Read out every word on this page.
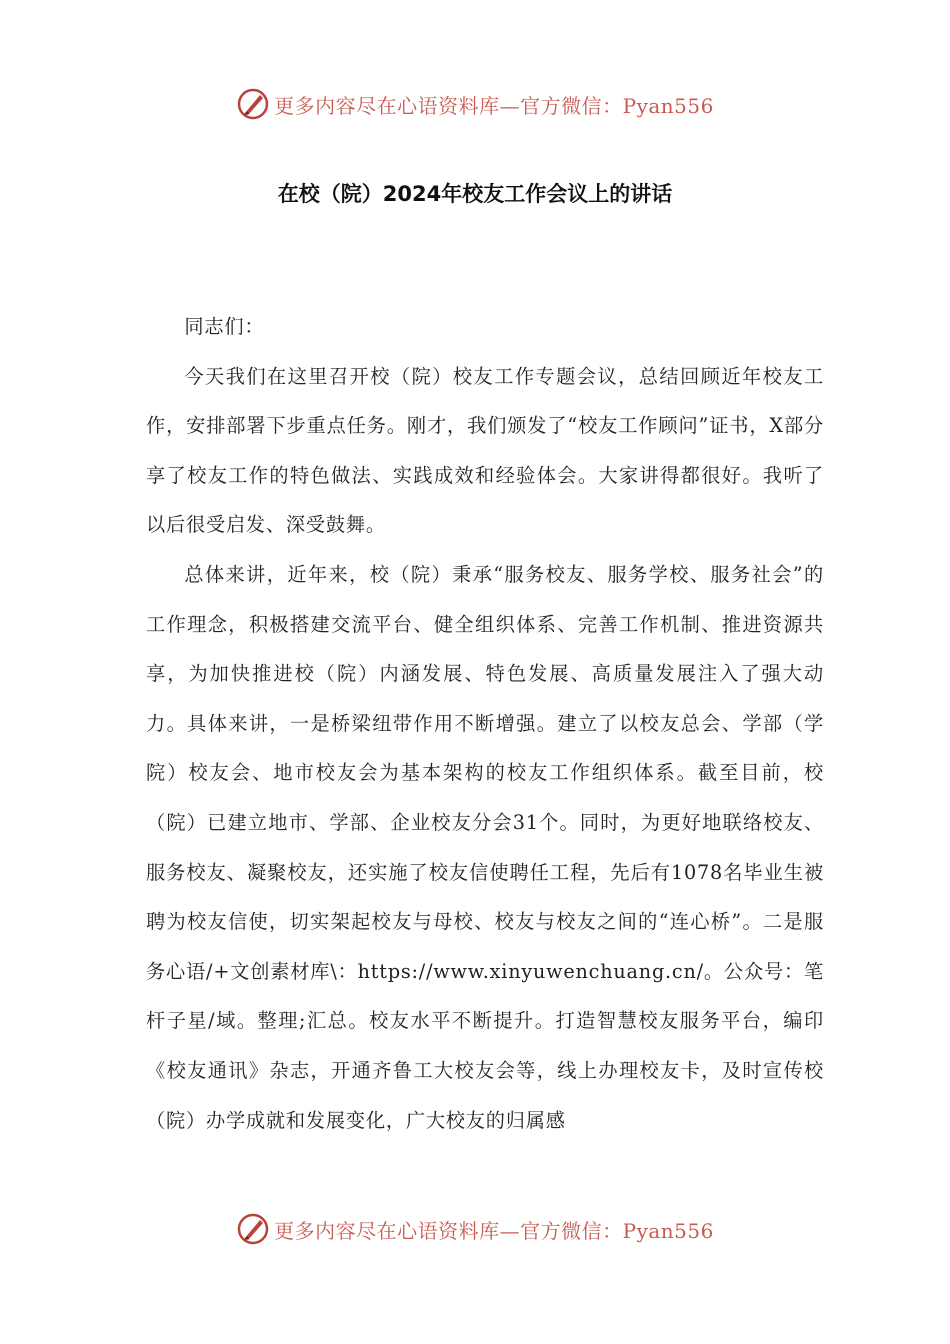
更多内容尽在心语资料库—官方微信：Pyan556
在校（院）2024年校友工作会议上的讲话

同志们：

今天我们在这里召开校（院）校友工作专题会议，总结回顾近年校友工作，安排部署下步重点任务。刚才，我们颁发了“校友工作顾问”证书，X部分享了校友工作的特色做法、实践成效和经验体会。大家讲得都很好。我听了以后很受启发、深受鼓舞。

总体来讲，近年来，校（院）秉承“服务校友、服务学校、服务社会”的工作理念，积极搭建交流平台、健全组织体系、完善工作机制、推进资源共享，为加快推进校（院）内涵发展、特色发展、高质量发展注入了强大动力。具体来讲，一是桥梁纽带作用不断增强。建立了以校友总会、学部（学院）校友会、地市校友会为基本架构的校友工作组织体系。截至目前，校（院）已建立地市、学部、企业校友分会31个。同时，为更好地联络校友、服务校友、凝聚校友，还实施了校友信使聘任工程，先后有1078名毕业生被聘为校友信使，切实架起校友与母校、校友与校友之间的“连心桥”。二是服务心语/+文创素材库\：https://www.xinyuwenchuang.cn/。公众号：笔杆子星/域。整理;汇总。校友水平不断提升。打造智慧校友服务平台，编印《校友通讯》杂志，开通齐鲁工大校友会等，线上办理校友卡，及时宣传校（院）办学成就和发展变化，广大校友的归属感

更多内容尽在心语资料库—官方微信：Pyan556
